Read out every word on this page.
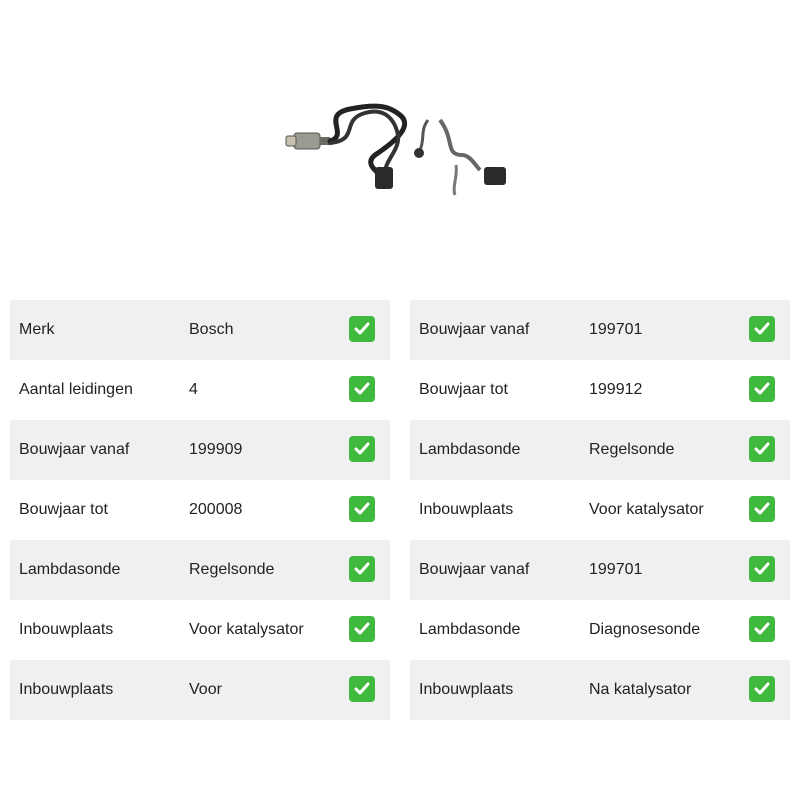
Merk	Bosch
Aantal leidingen	4
Bouwjaar vanaf	199909
Bouwjaar tot	200008
Lambdasonde	Regelsonde
Inbouwplaats	Voor katalysator
Inbouwplaats	Voor
Bouwjaar vanaf	199701
Bouwjaar tot	199912
Lambdasonde	Regelsonde
Inbouwplaats	Voor katalysator
Bouwjaar vanaf	199701
Lambdasonde	Diagnosesonde
Inbouwplaats	Na katalysator
